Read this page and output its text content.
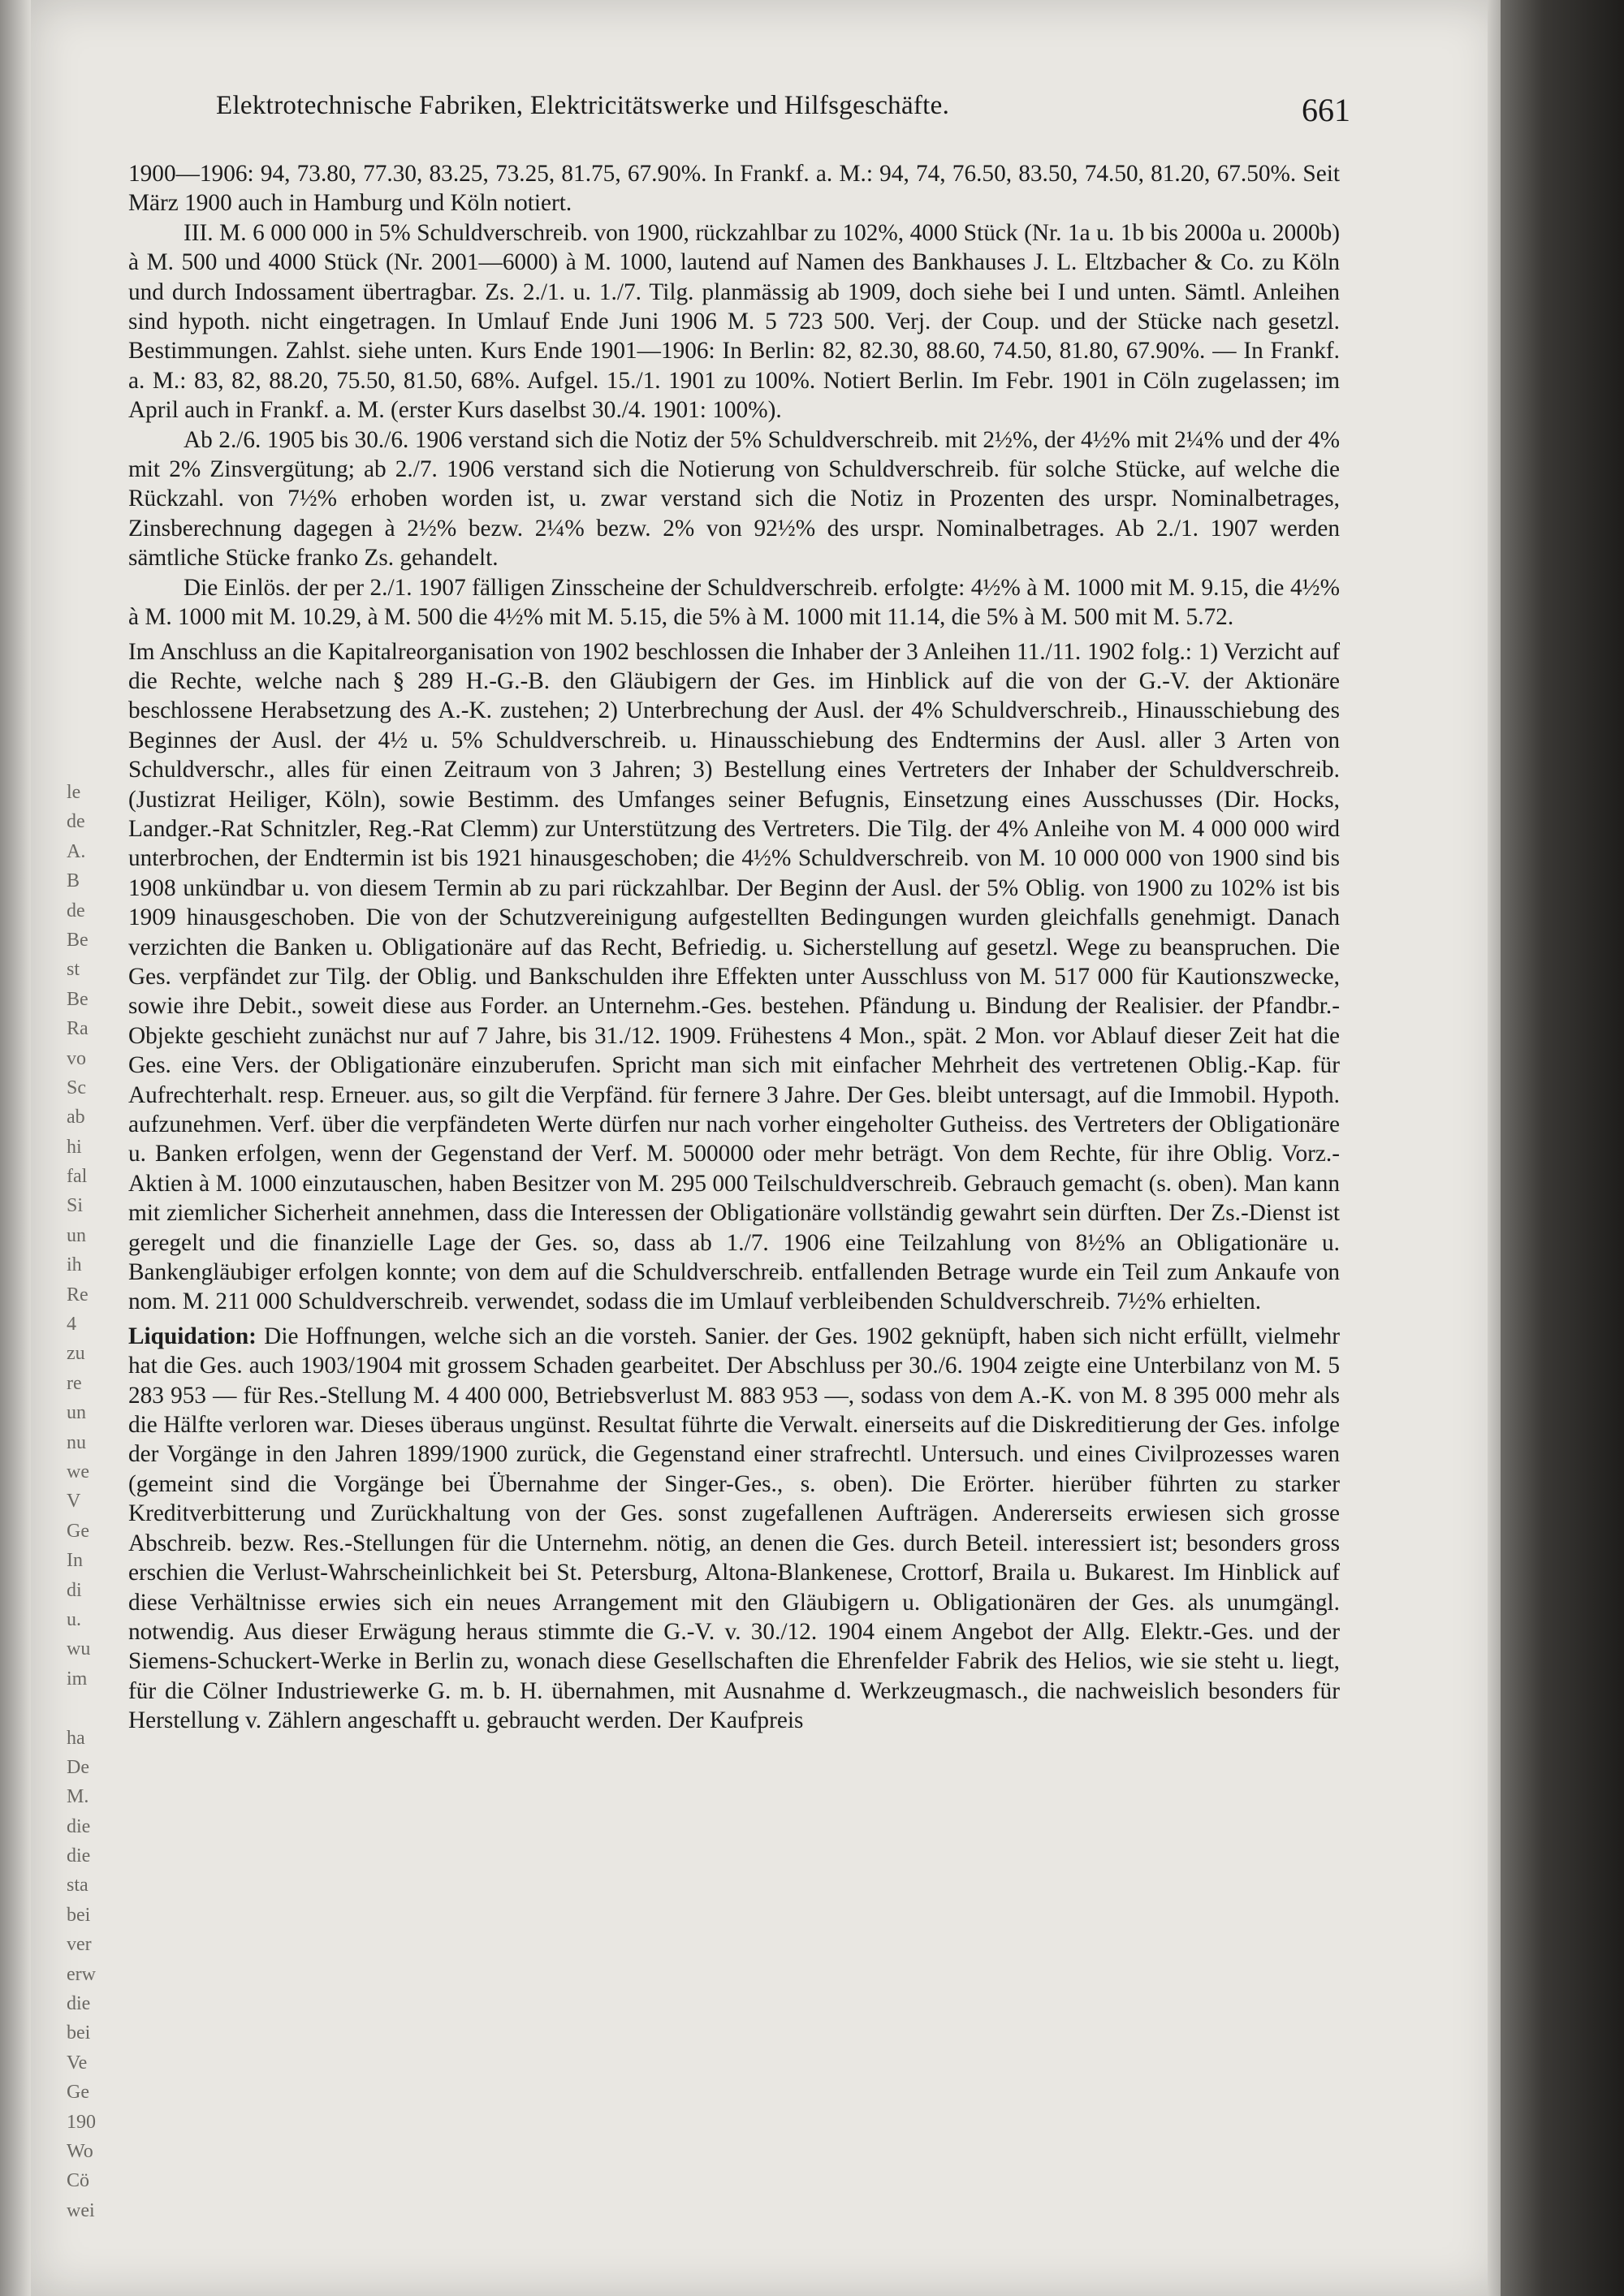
Elektrotechnische Fabriken, Elektricitätswerke und Hilfsgeschäfte.	661
le
de
A.
B
de
Be
st
Be
Ra
vo
Sc
ab
hi
fal
Si
un
ih
Re
4
zu
re
un
nu
we
V
Ge
In
di
u.
wu
im
ha
De
M.
die
die
sta
bei
ver
erw
die
bei
Ve
Ge
190
Wo
Cö
wei

1900—1906: 94, 73.80, 77.30, 83.25, 73.25, 81.75, 67.90%. In Frankf. a. M.: 94, 74, 76.50, 83.50, 74.50, 81.20, 67.50%. Seit März 1900 auch in Hamburg und Köln notiert.

III. M. 6 000 000 in 5% Schuldverschreib. von 1900, rückzahlbar zu 102%, 4000 Stück (Nr. 1a u. 1b bis 2000a u. 2000b) à M. 500 und 4000 Stück (Nr. 2001—6000) à M. 1000, lautend auf Namen des Bankhauses J. L. Eltzbacher & Co. zu Köln und durch Indossament übertragbar. Zs. 2./1. u. 1./7. Tilg. planmässig ab 1909, doch siehe bei I und unten. Sämtl. Anleihen sind hypoth. nicht eingetragen. In Umlauf Ende Juni 1906 M. 5 723 500. Verj. der Coup. und der Stücke nach gesetzl. Bestimmungen. Zahlst. siehe unten. Kurs Ende 1901—1906: In Berlin: 82, 82.30, 88.60, 74.50, 81.80, 67.90%. — In Frankf. a. M.: 83, 82, 88.20, 75.50, 81.50, 68%. Aufgel. 15./1. 1901 zu 100%. Notiert Berlin. Im Febr. 1901 in Cöln zugelassen; im April auch in Frankf. a. M. (erster Kurs daselbst 30./4. 1901: 100%).

Ab 2./6. 1905 bis 30./6. 1906 verstand sich die Notiz der 5% Schuldverschreib. mit 2½%, der 4½% mit 2¼% und der 4% mit 2% Zinsvergütung; ab 2./7. 1906 verstand sich die Notierung von Schuldverschreib. für solche Stücke, auf welche die Rückzahl. von 7½% erhoben worden ist, u. zwar verstand sich die Notiz in Prozenten des urspr. Nominalbetrages, Zinsberechnung dagegen à 2½% bezw. 2¼% bezw. 2% von 92½% des urspr. Nominalbetrages. Ab 2./1. 1907 werden sämtliche Stücke franko Zs. gehandelt.

Die Einlös. der per 2./1. 1907 fälligen Zinsscheine der Schuldverschreib. erfolgte: 4½% à M. 1000 mit M. 9.15, die 4½% à M. 1000 mit M. 10.29, à M. 500 die 4½% mit M. 5.15, die 5% à M. 1000 mit 11.14, die 5% à M. 500 mit M. 5.72.

Im Anschluss an die Kapitalreorganisation von 1902 beschlossen die Inhaber der 3 Anleihen 11./11. 1902 folg.: 1) Verzicht auf die Rechte, welche nach § 289 H.-G.-B. den Gläubigern der Ges. im Hinblick auf die von der G.-V. der Aktionäre beschlossene Herabsetzung des A.-K. zustehen; 2) Unterbrechung der Ausl. der 4% Schuldverschreib., Hinausschiebung des Beginnes der Ausl. der 4½ u. 5% Schuldverschreib. u. Hinausschiebung des Endtermins der Ausl. aller 3 Arten von Schuldverschr., alles für einen Zeitraum von 3 Jahren; 3) Bestellung eines Vertreters der Inhaber der Schuldverschreib. (Justizrat Heiliger, Köln), sowie Bestimm. des Umfanges seiner Befugnis, Einsetzung eines Ausschusses (Dir. Hocks, Landger.-Rat Schnitzler, Reg.-Rat Clemm) zur Unterstützung des Vertreters. Die Tilg. der 4% Anleihe von M. 4 000 000 wird unterbrochen, der Endtermin ist bis 1921 hinausgeschoben; die 4½% Schuldverschreib. von M. 10 000 000 von 1900 sind bis 1908 unkündbar u. von diesem Termin ab zu pari rückzahlbar. Der Beginn der Ausl. der 5% Oblig. von 1900 zu 102% ist bis 1909 hinausgeschoben. Die von der Schutzvereinigung aufgestellten Bedingungen wurden gleichfalls genehmigt. Danach verzichten die Banken u. Obligationäre auf das Recht, Befriedig. u. Sicherstellung auf gesetzl. Wege zu beanspruchen. Die Ges. verpfändet zur Tilg. der Oblig. und Bankschulden ihre Effekten unter Ausschluss von M. 517 000 für Kautionszwecke, sowie ihre Debit., soweit diese aus Forder. an Unternehm.-Ges. bestehen. Pfändung u. Bindung der Realisier. der Pfandbr.-Objekte geschieht zunächst nur auf 7 Jahre, bis 31./12. 1909. Frühestens 4 Mon., spät. 2 Mon. vor Ablauf dieser Zeit hat die Ges. eine Vers. der Obligationäre einzuberufen. Spricht man sich mit einfacher Mehrheit des vertretenen Oblig.-Kap. für Aufrechterhalt. resp. Erneuer. aus, so gilt die Verpfänd. für fernere 3 Jahre. Der Ges. bleibt untersagt, auf die Immobil. Hypoth. aufzunehmen. Verf. über die verpfändeten Werte dürfen nur nach vorher eingeholter Gutheiss. des Vertreters der Obligationäre u. Banken erfolgen, wenn der Gegenstand der Verf. M. 500000 oder mehr beträgt. Von dem Rechte, für ihre Oblig. Vorz.-Aktien à M. 1000 einzutauschen, haben Besitzer von M. 295 000 Teilschuldverschreib. Gebrauch gemacht (s. oben). Man kann mit ziemlicher Sicherheit annehmen, dass die Interessen der Obligationäre vollständig gewahrt sein dürften. Der Zs.-Dienst ist geregelt und die finanzielle Lage der Ges. so, dass ab 1./7. 1906 eine Teilzahlung von 8½% an Obligationäre u. Bankengläubiger erfolgen konnte; von dem auf die Schuldverschreib. entfallenden Betrage wurde ein Teil zum Ankaufe von nom. M. 211 000 Schuldverschreib. verwendet, sodass die im Umlauf verbleibenden Schuldverschreib. 7½% erhielten.

Liquidation: Die Hoffnungen, welche sich an die vorsteh. Sanier. der Ges. 1902 geknüpft, haben sich nicht erfüllt, vielmehr hat die Ges. auch 1903/1904 mit grossem Schaden gearbeitet. Der Abschluss per 30./6. 1904 zeigte eine Unterbilanz von M. 5 283 953 — für Res.-Stellung M. 4 400 000, Betriebsverlust M. 883 953 —, sodass von dem A.-K. von M. 8 395 000 mehr als die Hälfte verloren war. Dieses überaus ungünst. Resultat führte die Verwalt. einerseits auf die Diskreditierung der Ges. infolge der Vorgänge in den Jahren 1899/1900 zurück, die Gegenstand einer strafrechtl. Untersuch. und eines Civilprozesses waren (gemeint sind die Vorgänge bei Übernahme der Singer-Ges., s. oben). Die Erörter. hierüber führten zu starker Kreditverbitterung und Zurückhaltung von der Ges. sonst zugefallenen Aufträgen. Andererseits erwiesen sich grosse Abschreib. bezw. Res.-Stellungen für die Unternehm. nötig, an denen die Ges. durch Beteil. interessiert ist; besonders gross erschien die Verlust-Wahrscheinlichkeit bei St. Petersburg, Altona-Blankenese, Crottorf, Braila u. Bukarest. Im Hinblick auf diese Verhältnisse erwies sich ein neues Arrangement mit den Gläubigern u. Obligationären der Ges. als unumgängl. notwendig. Aus dieser Erwägung heraus stimmte die G.-V. v. 30./12. 1904 einem Angebot der Allg. Elektr.-Ges. und der Siemens-Schuckert-Werke in Berlin zu, wonach diese Gesellschaften die Ehrenfelder Fabrik des Helios, wie sie steht u. liegt, für die Cölner Industriewerke G. m. b. H. übernahmen, mit Ausnahme d. Werkzeugmasch., die nachweislich besonders für Herstellung v. Zählern angeschafft u. gebraucht werden. Der Kaufpreis
